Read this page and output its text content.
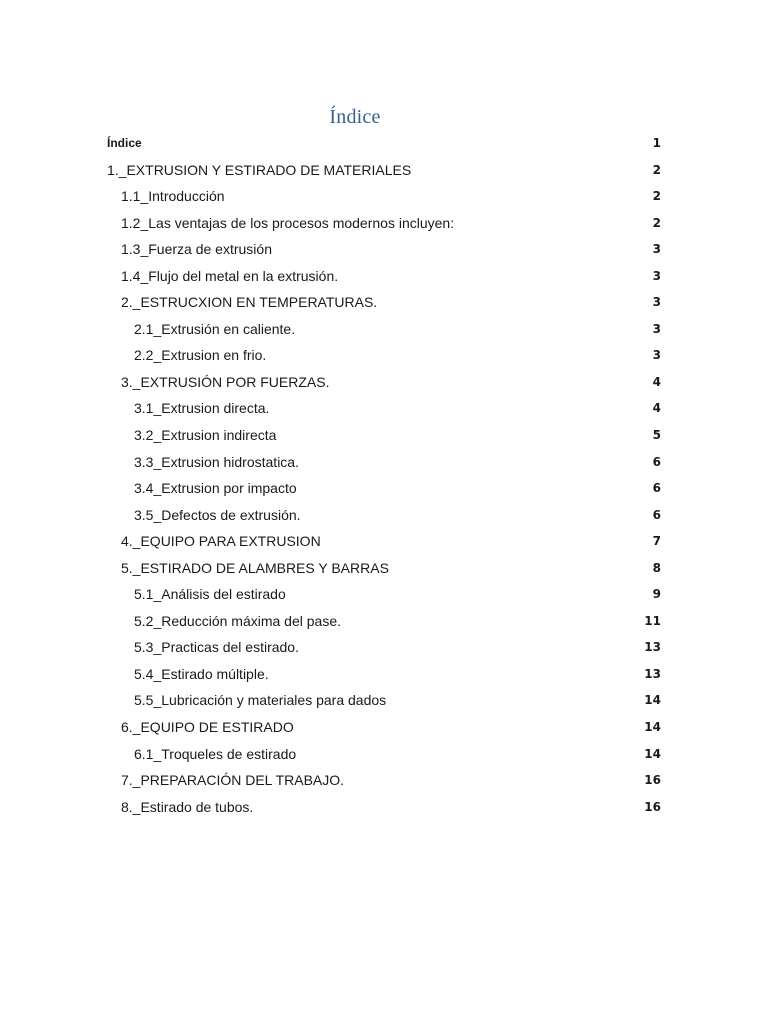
Índice
Índice	1
1._EXTRUSION Y ESTIRADO DE MATERIALES	2
1.1_Introducción	2
1.2_Las ventajas de los procesos modernos incluyen:	2
1.3_Fuerza de extrusión	3
1.4_Flujo del metal en la extrusión.	3
2._ESTRUCXION EN TEMPERATURAS.	3
2.1_Extrusión en caliente.	3
2.2_Extrusion en frio.	3
3._EXTRUSIÓN POR FUERZAS.	4
3.1_Extrusion directa.	4
3.2_Extrusion indirecta	5
3.3_Extrusion hidrostatica.	6
3.4_Extrusion por impacto	6
3.5_Defectos de extrusión.	6
4._EQUIPO PARA EXTRUSION	7
5._ESTIRADO DE ALAMBRES Y BARRAS	8
5.1_Análisis del estirado	9
5.2_Reducción máxima del pase.	11
5.3_Practicas del estirado.	13
5.4_Estirado múltiple.	13
5.5_Lubricación y materiales para dados	14
6._EQUIPO DE ESTIRADO	14
6.1_Troqueles de estirado	14
7._PREPARACIÓN DEL TRABAJO.	16
8._Estirado de tubos.	16
